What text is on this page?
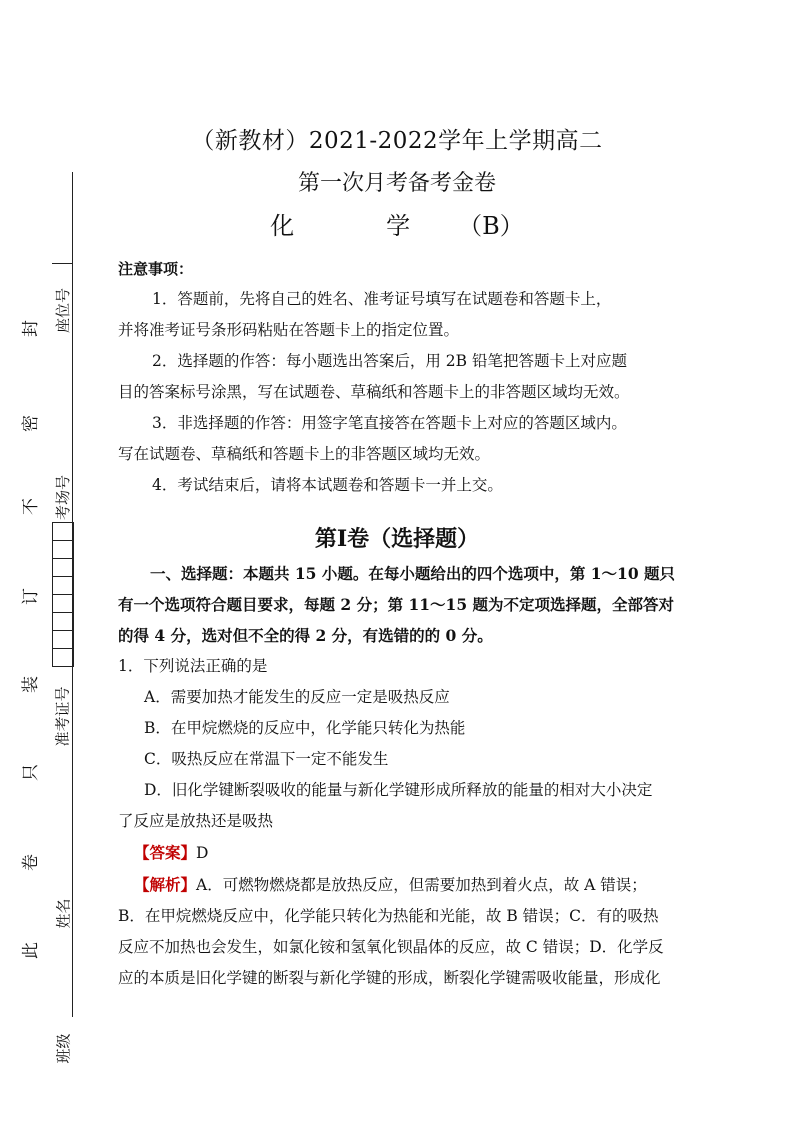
座位号
考场号
准考证号
姓名
班级
封
密
不
订
装
只
卷
此
（新教材）2021-2022学年上学期高二
第一次月考备考金卷
化　学 （B）
注意事项：
1．答题前，先将自己的姓名、准考证号填写在试题卷和答题卡上，
并将准考证号条形码粘贴在答题卡上的指定位置。
2．选择题的作答：每小题选出答案后，用 2B 铅笔把答题卡上对应题
目的答案标号涂黑，写在试题卷、草稿纸和答题卡上的非答题区域均无效。
3．非选择题的作答：用签字笔直接答在答题卡上对应的答题区域内。
写在试题卷、草稿纸和答题卡上的非答题区域均无效。
4．考试结束后，请将本试题卷和答题卡一并上交。
第Ⅰ卷（选择题）
一、选择题：本题共 15 小题。在每小题给出的四个选项中，第 1～10 题只
有一个选项符合题目要求，每题 2 分；第 11～15 题为不定项选择题，全部答对
的得 4 分，选对但不全的得 2 分，有选错的的 0 分。
1．下列说法正确的是
A．需要加热才能发生的反应一定是吸热反应
B．在甲烷燃烧的反应中，化学能只转化为热能
C．吸热反应在常温下一定不能发生
D．旧化学键断裂吸收的能量与新化学键形成所释放的能量的相对大小决定
了反应是放热还是吸热
【答案】D
【解析】A．可燃物燃烧都是放热反应，但需要加热到着火点，故 A 错误；
B．在甲烷燃烧反应中，化学能只转化为热能和光能，故 B 错误；C．有的吸热
反应不加热也会发生，如氯化铵和氢氧化钡晶体的反应，故 C 错误；D．化学反
应的本质是旧化学键的断裂与新化学键的形成，断裂化学键需吸收能量，形成化
